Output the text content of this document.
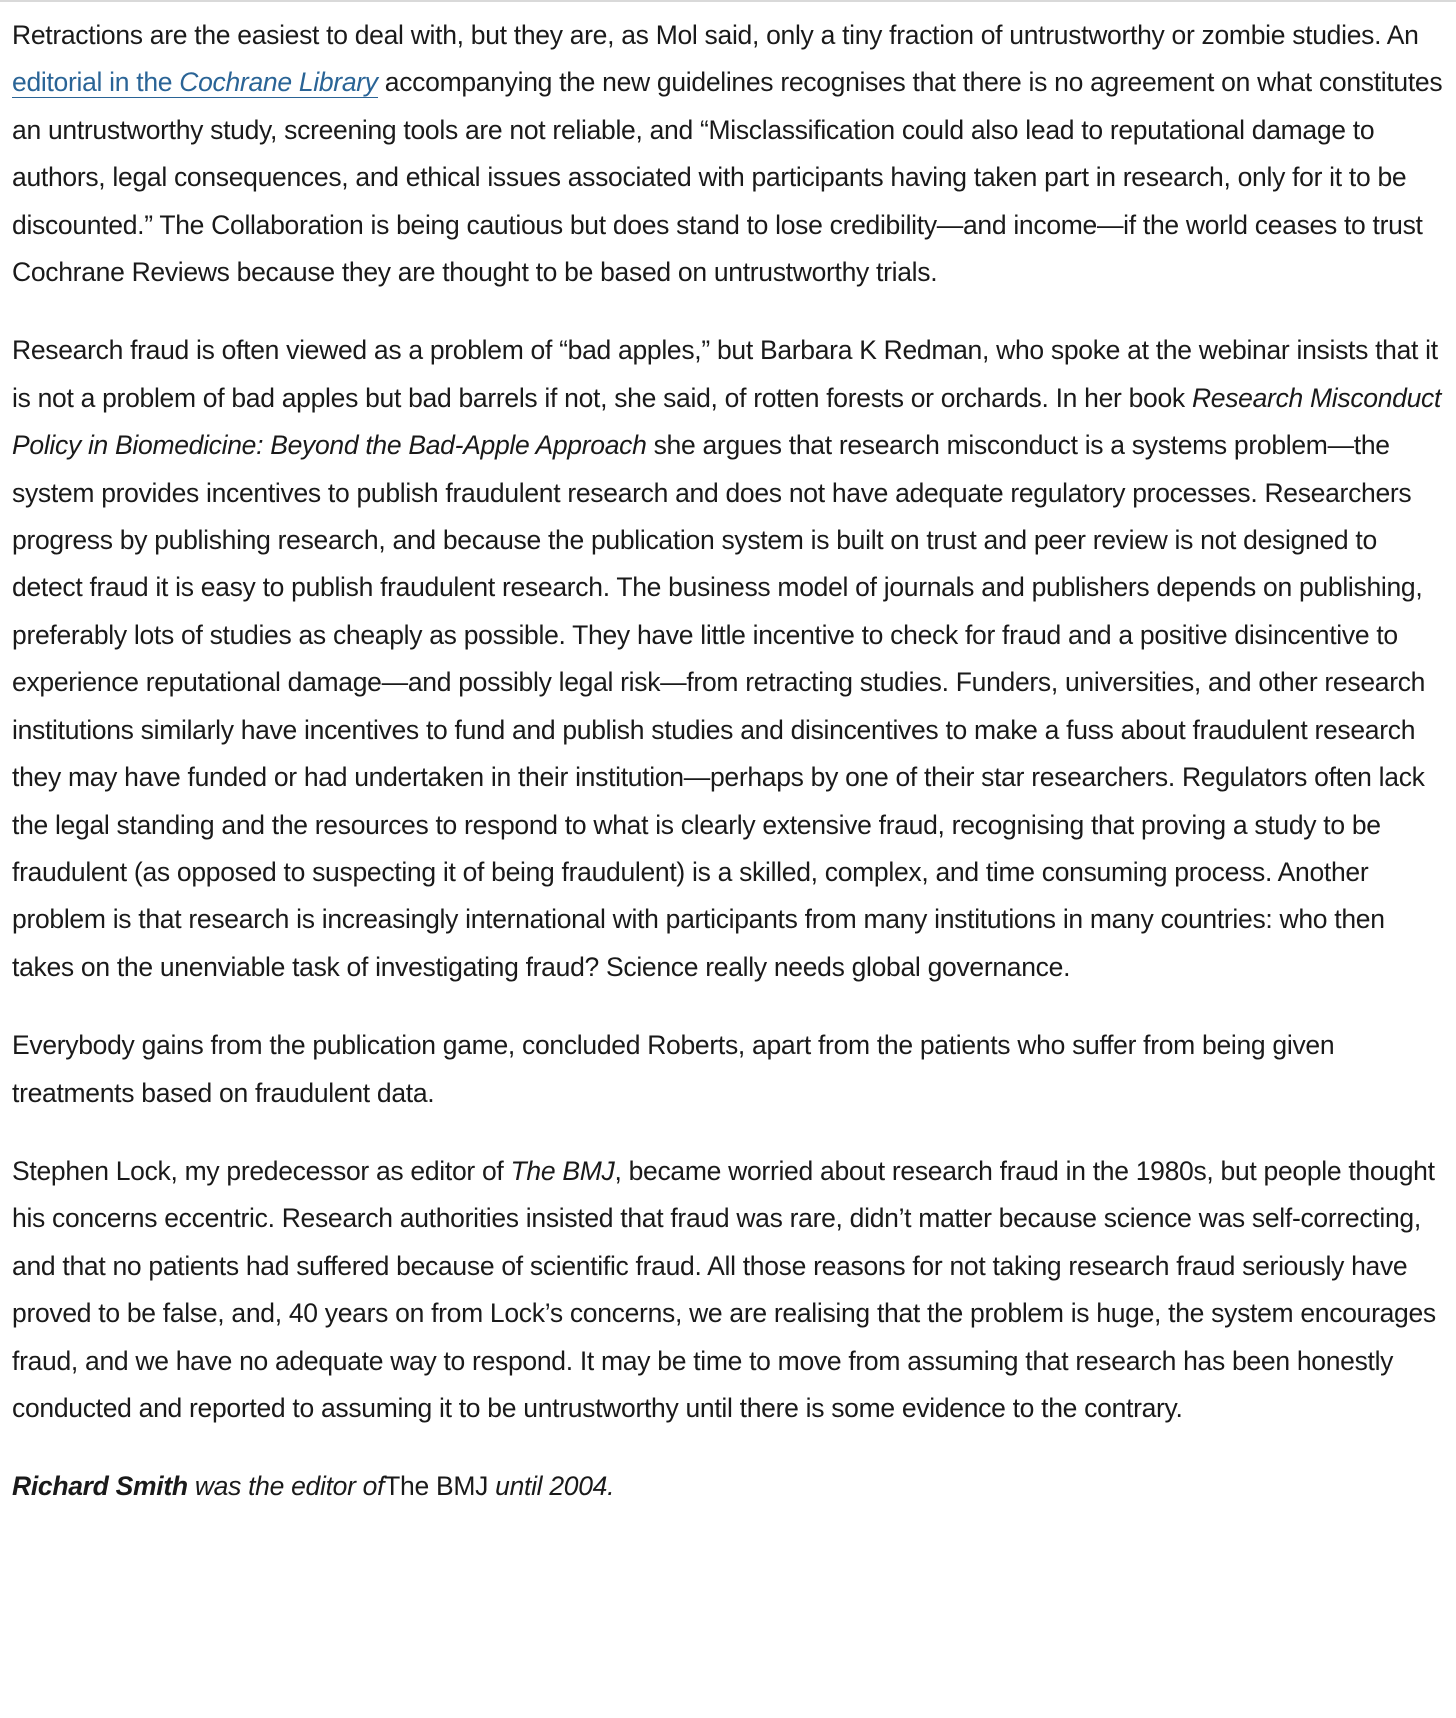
Retractions are the easiest to deal with, but they are, as Mol said, only a tiny fraction of untrustworthy or zombie studies. An editorial in the Cochrane Library accompanying the new guidelines recognises that there is no agreement on what constitutes an untrustworthy study, screening tools are not reliable, and “Misclassification could also lead to reputational damage to authors, legal consequences, and ethical issues associated with participants having taken part in research, only for it to be discounted.” The Collaboration is being cautious but does stand to lose credibility—and income—if the world ceases to trust Cochrane Reviews because they are thought to be based on untrustworthy trials.

Research fraud is often viewed as a problem of “bad apples,” but Barbara K Redman, who spoke at the webinar insists that it is not a problem of bad apples but bad barrels if not, she said, of rotten forests or orchards. In her book Research Misconduct Policy in Biomedicine: Beyond the Bad-Apple Approach she argues that research misconduct is a systems problem—the system provides incentives to publish fraudulent research and does not have adequate regulatory processes. Researchers progress by publishing research, and because the publication system is built on trust and peer review is not designed to detect fraud it is easy to publish fraudulent research. The business model of journals and publishers depends on publishing, preferably lots of studies as cheaply as possible. They have little incentive to check for fraud and a positive disincentive to experience reputational damage—and possibly legal risk—from retracting studies. Funders, universities, and other research institutions similarly have incentives to fund and publish studies and disincentives to make a fuss about fraudulent research they may have funded or had undertaken in their institution—perhaps by one of their star researchers. Regulators often lack the legal standing and the resources to respond to what is clearly extensive fraud, recognising that proving a study to be fraudulent (as opposed to suspecting it of being fraudulent) is a skilled, complex, and time consuming process. Another problem is that research is increasingly international with participants from many institutions in many countries: who then takes on the unenviable task of investigating fraud? Science really needs global governance.

Everybody gains from the publication game, concluded Roberts, apart from the patients who suffer from being given treatments based on fraudulent data.

Stephen Lock, my predecessor as editor of The BMJ, became worried about research fraud in the 1980s, but people thought his concerns eccentric. Research authorities insisted that fraud was rare, didn’t matter because science was self-correcting, and that no patients had suffered because of scientific fraud. All those reasons for not taking research fraud seriously have proved to be false, and, 40 years on from Lock’s concerns, we are realising that the problem is huge, the system encourages fraud, and we have no adequate way to respond. It may be time to move from assuming that research has been honestly conducted and reported to assuming it to be untrustworthy until there is some evidence to the contrary.

Richard Smith was the editor ofThe BMJ until 2004.
